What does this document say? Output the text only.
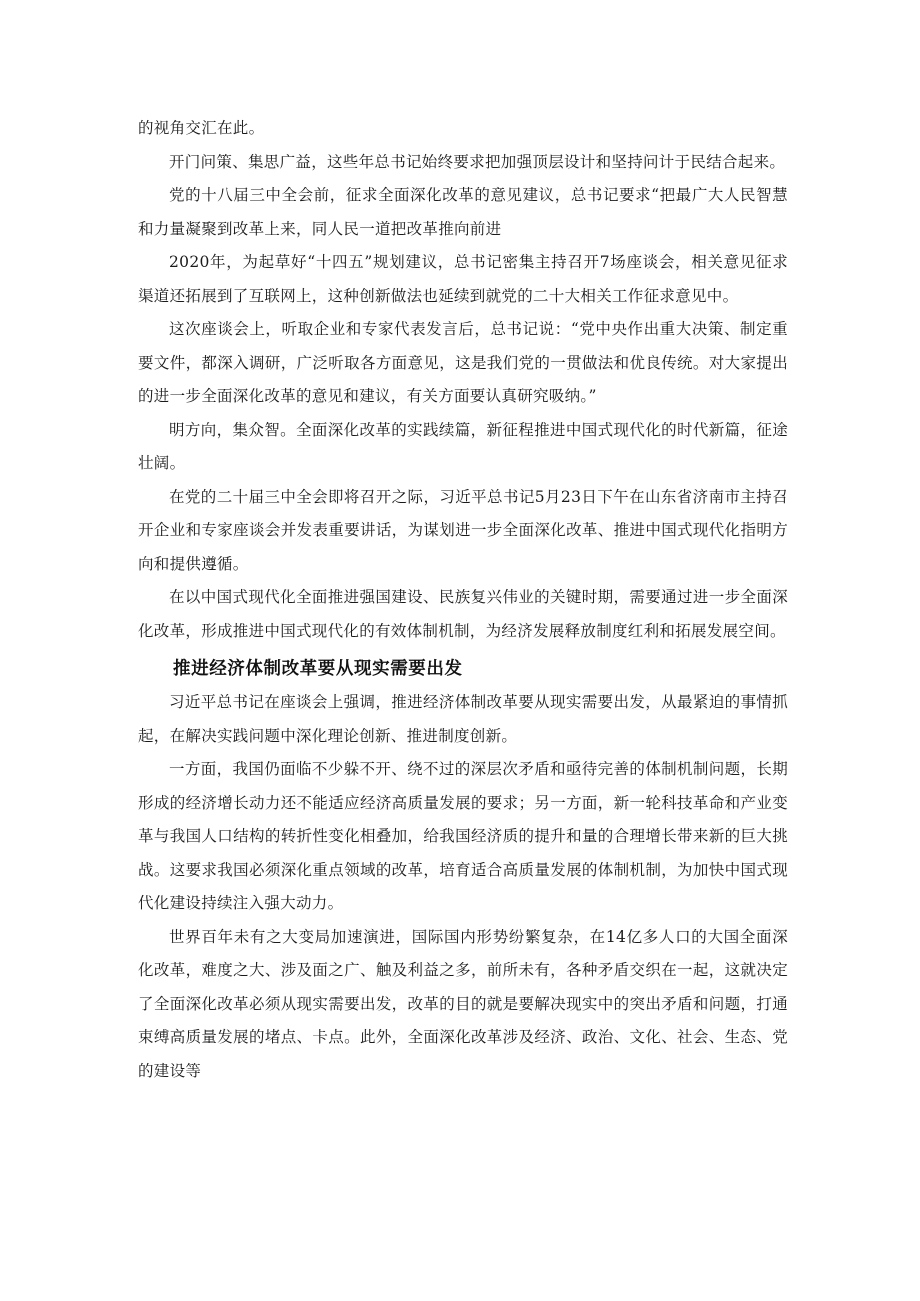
的视角交汇在此。

开门问策、集思广益，这些年总书记始终要求把加强顶层设计和坚持问计于民结合起来。

党的十八届三中全会前，征求全面深化改革的意见建议，总书记要求“把最广大人民智慧和力量凝聚到改革上来，同人民一道把改革推向前进

2020年，为起草好“十四五”规划建议，总书记密集主持召开7场座谈会，相关意见征求渠道还拓展到了互联网上，这种创新做法也延续到就党的二十大相关工作征求意见中。

这次座谈会上，听取企业和专家代表发言后，总书记说：“党中央作出重大决策、制定重要文件，都深入调研，广泛听取各方面意见，这是我们党的一贯做法和优良传统。对大家提出的进一步全面深化改革的意见和建议，有关方面要认真研究吸纳。”

明方向，集众智。全面深化改革的实践续篇，新征程推进中国式现代化的时代新篇，征途壮阔。

在党的二十届三中全会即将召开之际，习近平总书记5月23日下午在山东省济南市主持召开企业和专家座谈会并发表重要讲话，为谋划进一步全面深化改革、推进中国式现代化指明方向和提供遵循。

在以中国式现代化全面推进强国建设、民族复兴伟业的关键时期，需要通过进一步全面深化改革，形成推进中国式现代化的有效体制机制，为经济发展释放制度红利和拓展发展空间。

推进经济体制改革要从现实需要出发

习近平总书记在座谈会上强调，推进经济体制改革要从现实需要出发，从最紧迫的事情抓起，在解决实践问题中深化理论创新、推进制度创新。

一方面，我国仍面临不少躲不开、绕不过的深层次矛盾和亟待完善的体制机制问题，长期形成的经济增长动力还不能适应经济高质量发展的要求；另一方面，新一轮科技革命和产业变革与我国人口结构的转折性变化相叠加，给我国经济质的提升和量的合理增长带来新的巨大挑战。这要求我国必须深化重点领域的改革，培育适合高质量发展的体制机制，为加快中国式现代化建设持续注入强大动力。

世界百年未有之大变局加速演进，国际国内形势纷繁复杂，在14亿多人口的大国全面深化改革，难度之大、涉及面之广、触及利益之多，前所未有，各种矛盾交织在一起，这就决定了全面深化改革必须从现实需要出发，改革的目的就是要解决现实中的突出矛盾和问题，打通束缚高质量发展的堵点、卡点。此外，全面深化改革涉及经济、政治、文化、社会、生态、党的建设等
